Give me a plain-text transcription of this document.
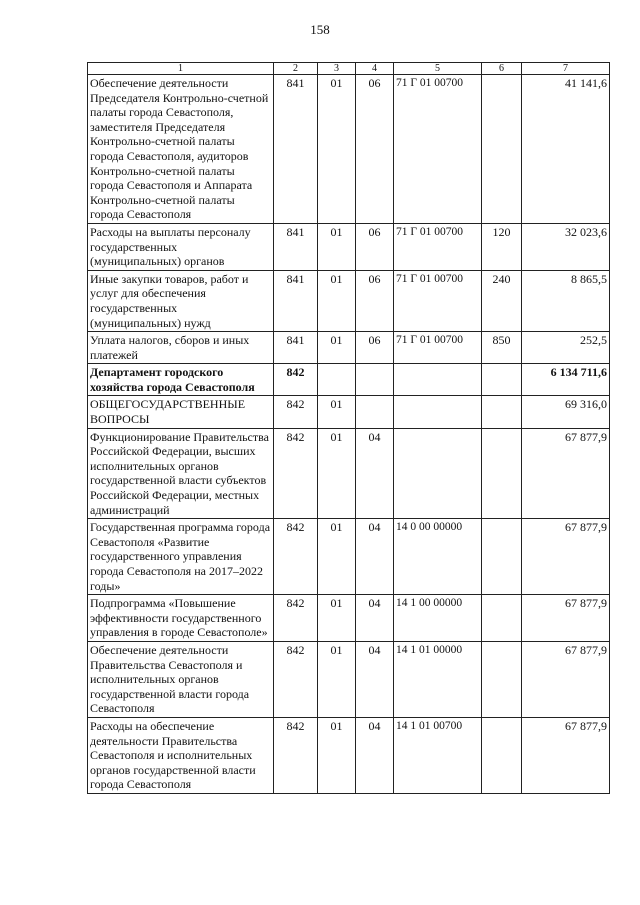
158
1	2	3	4	5	6	7
Обеспечение деятельности Председателя Контрольно-счетной палаты города Севастополя, заместителя Председателя Контрольно-счетной палаты города Севастополя, аудиторов Контрольно-счетной палаты города Севастополя и Аппарата Контрольно-счетной палаты города Севастополя	841	01	06	71 Г 01 00700		41 141,6
Расходы на выплаты персоналу государственных (муниципальных) органов	841	01	06	71 Г 01 00700	120	32 023,6
Иные закупки товаров, работ и услуг для обеспечения государственных (муниципальных) нужд	841	01	06	71 Г 01 00700	240	8 865,5
Уплата налогов, сборов и иных платежей	841	01	06	71 Г 01 00700	850	252,5
Департамент городского хозяйства города Севастополя	842					6 134 711,6
ОБЩЕГОСУДАРСТВЕННЫЕ ВОПРОСЫ	842	01				69 316,0
Функционирование Правительства Российской Федерации, высших исполнительных органов государственной власти субъектов Российской Федерации, местных администраций	842	01	04			67 877,9
Государственная программа города Севастополя «Развитие государственного управления города Севастополя на 2017–2022 годы»	842	01	04	14 0 00 00000		67 877,9
Подпрограмма «Повышение эффективности государственного управления в городе Севастополе»	842	01	04	14 1 00 00000		67 877,9
Обеспечение деятельности Правительства Севастополя и исполнительных органов государственной власти города Севастополя	842	01	04	14 1 01 00000		67 877,9
Расходы на обеспечение деятельности Правительства Севастополя и исполнительных органов государственной власти города Севастополя	842	01	04	14 1 01 00700		67 877,9
